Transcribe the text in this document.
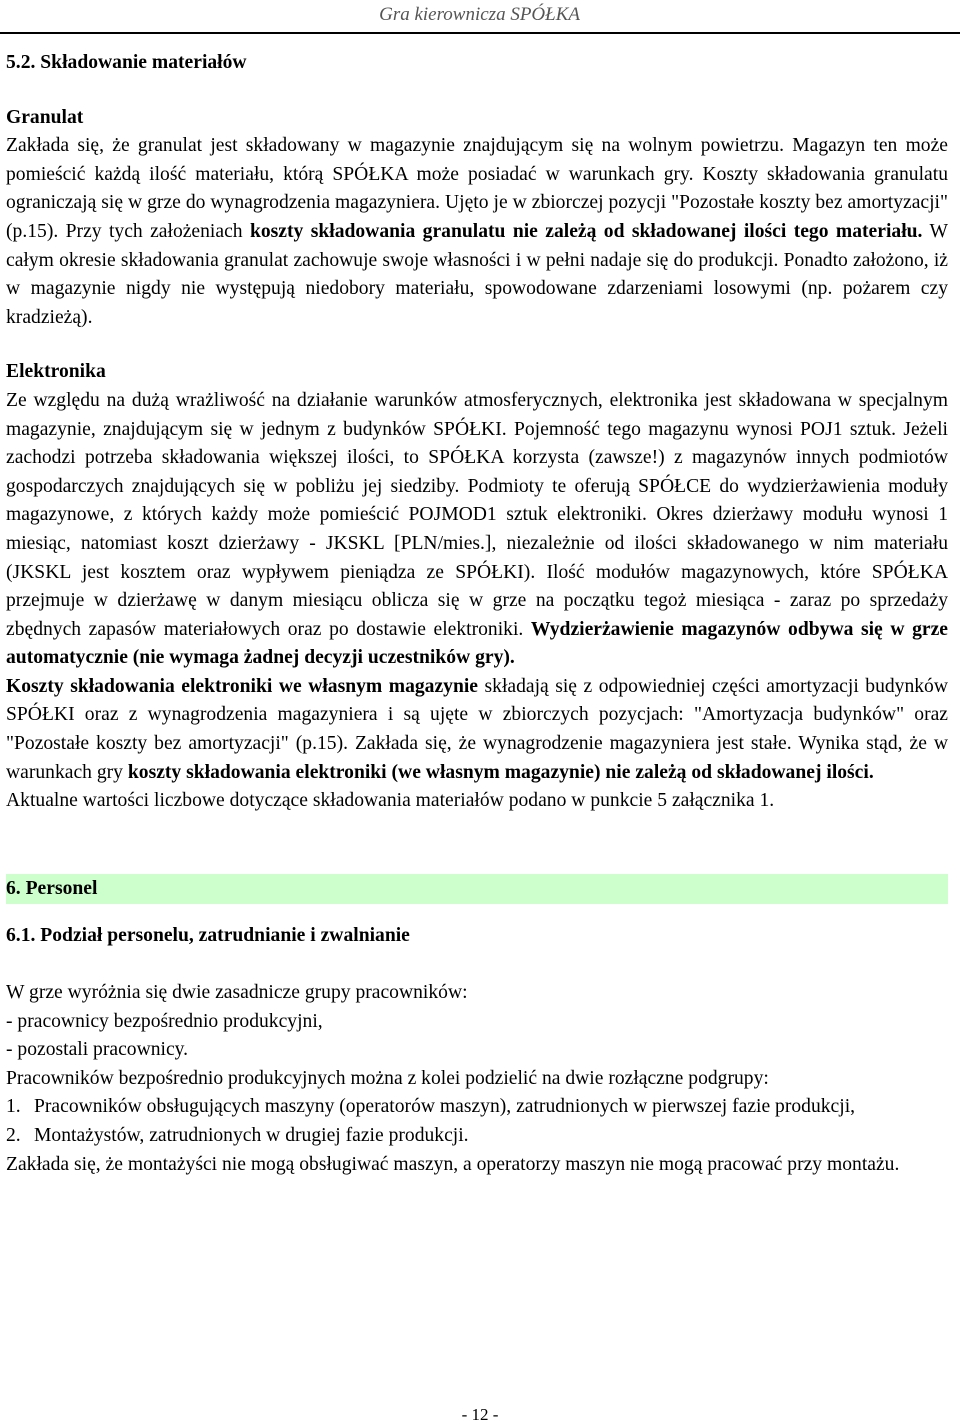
Gra kierownicza SPÓŁKA
5.2. Składowanie materiałów
Granulat

Zakłada się, że granulat jest składowany w magazynie znajdującym się na wolnym powietrzu. Magazyn ten może pomieścić każdą ilość materiału, którą SPÓŁKA może posiadać w warunkach gry. Koszty składowania granulatu ograniczają się w grze do wynagrodzenia magazyniera. Ujęto je w zbiorczej pozycji "Pozostałe koszty bez amortyzacji" (p.15). Przy tych założeniach koszty składowania granulatu nie zależą od składowanej ilości tego materiału. W całym okresie składowania granulat zachowuje swoje własności i w pełni nadaje się do produkcji. Ponadto założono, iż w magazynie nigdy nie występują niedobory materiału, spowodowane zdarzeniami losowymi (np. pożarem czy kradzieżą).

Elektronika

Ze względu na dużą wrażliwość na działanie warunków atmosferycznych, elektronika jest składowana w specjalnym magazynie, znajdującym się w jednym z budynków SPÓŁKI. Pojemność tego magazynu wynosi POJ1 sztuk. Jeżeli zachodzi potrzeba składowania większej ilości, to SPÓŁKA korzysta (zawsze!) z magazynów innych podmiotów gospodarczych znajdujących się w pobliżu jej siedziby. Podmioty te oferują SPÓŁCE do wydzierżawienia moduły magazynowe, z których każdy może pomieścić POJMOD1 sztuk elektroniki. Okres dzierżawy modułu wynosi 1 miesiąc, natomiast koszt dzierżawy - JKSKL [PLN/mies.], niezależnie od ilości składowanego w nim materiału (JKSKL jest kosztem oraz wypływem pieniądza ze SPÓŁKI). Ilość modułów magazynowych, które SPÓŁKA przejmuje w dzierżawę w danym miesiącu oblicza się w grze na początku tegoż miesiąca - zaraz po sprzedaży zbędnych zapasów materiałowych oraz po dostawie elektroniki. Wydzierżawienie magazynów odbywa się w grze automatycznie (nie wymaga żadnej decyzji uczestników gry).

Koszty składowania elektroniki we własnym magazynie składają się z odpowiedniej części amortyzacji budynków SPÓŁKI oraz z wynagrodzenia magazyniera i są ujęte w zbiorczych pozycjach: "Amortyzacja budynków" oraz "Pozostałe koszty bez amortyzacji" (p.15). Zakłada się, że wynagrodzenie magazyniera jest stałe. Wynika stąd, że w warunkach gry koszty składowania elektroniki (we własnym magazynie) nie zależą od składowanej ilości.

Aktualne wartości liczbowe dotyczące składowania materiałów podano w punkcie 5 załącznika 1.

6. Personel
6.1. Podział personelu, zatrudnianie i zwalnianie

W grze wyróżnia się dwie zasadnicze grupy pracowników:

- pracownicy bezpośrednio produkcyjni,

- pozostali pracownicy.

Pracowników bezpośrednio produkcyjnych można z kolei podzielić na dwie rozłączne podgrupy:

1. Pracowników obsługujących maszyny (operatorów maszyn), zatrudnionych w pierwszej fazie produkcji,
2. Montażystów, zatrudnionych w drugiej fazie produkcji.

Zakłada się, że montażyści nie mogą obsługiwać maszyn, a operatorzy maszyn nie mogą pracować przy montażu.

- 12 -
